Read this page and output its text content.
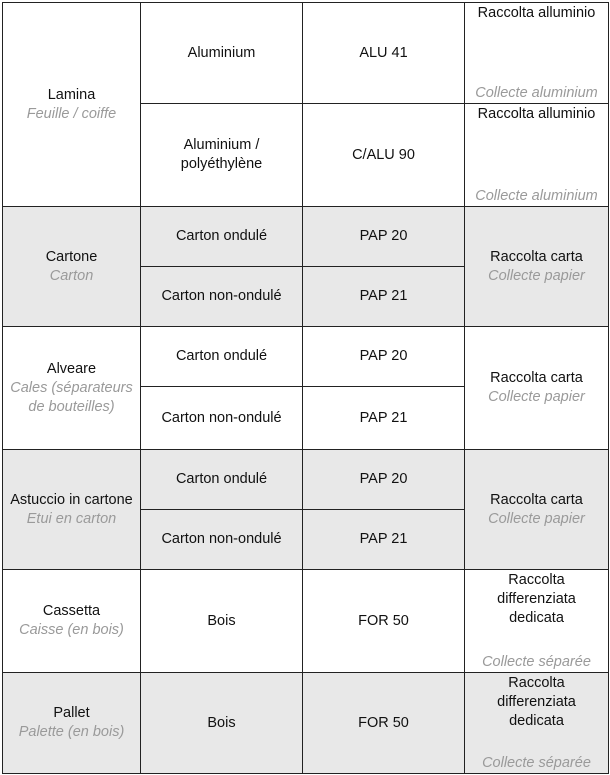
Lamina
Feuille / coiffe	Aluminium	ALU 41	Raccolta alluminio
Collecte aluminium

	Aluminium / polyéthylène	C/ALU 90	Raccolta alluminio
Collecte aluminium

Cartone
Carton	Carton ondulé	PAP 20	Raccolta carta
Collecte papier

	Carton non-ondulé	PAP 21	

Alveare
Cales (séparateurs de bouteilles)	Carton ondulé	PAP 20	Raccolta carta
Collecte papier

	Carton non-ondulé	PAP 21	

Astuccio in cartone
Etui en carton	Carton ondulé	PAP 20	Raccolta carta
Collecte papier

	Carton non-ondulé	PAP 21	

Cassetta
Caisse (en bois)	Bois	FOR 50	Raccolta differenziata dedicata
Collecte séparée

Pallet
Palette (en bois)	Bois	FOR 50	Raccolta differenziata dedicata
Collecte séparée
